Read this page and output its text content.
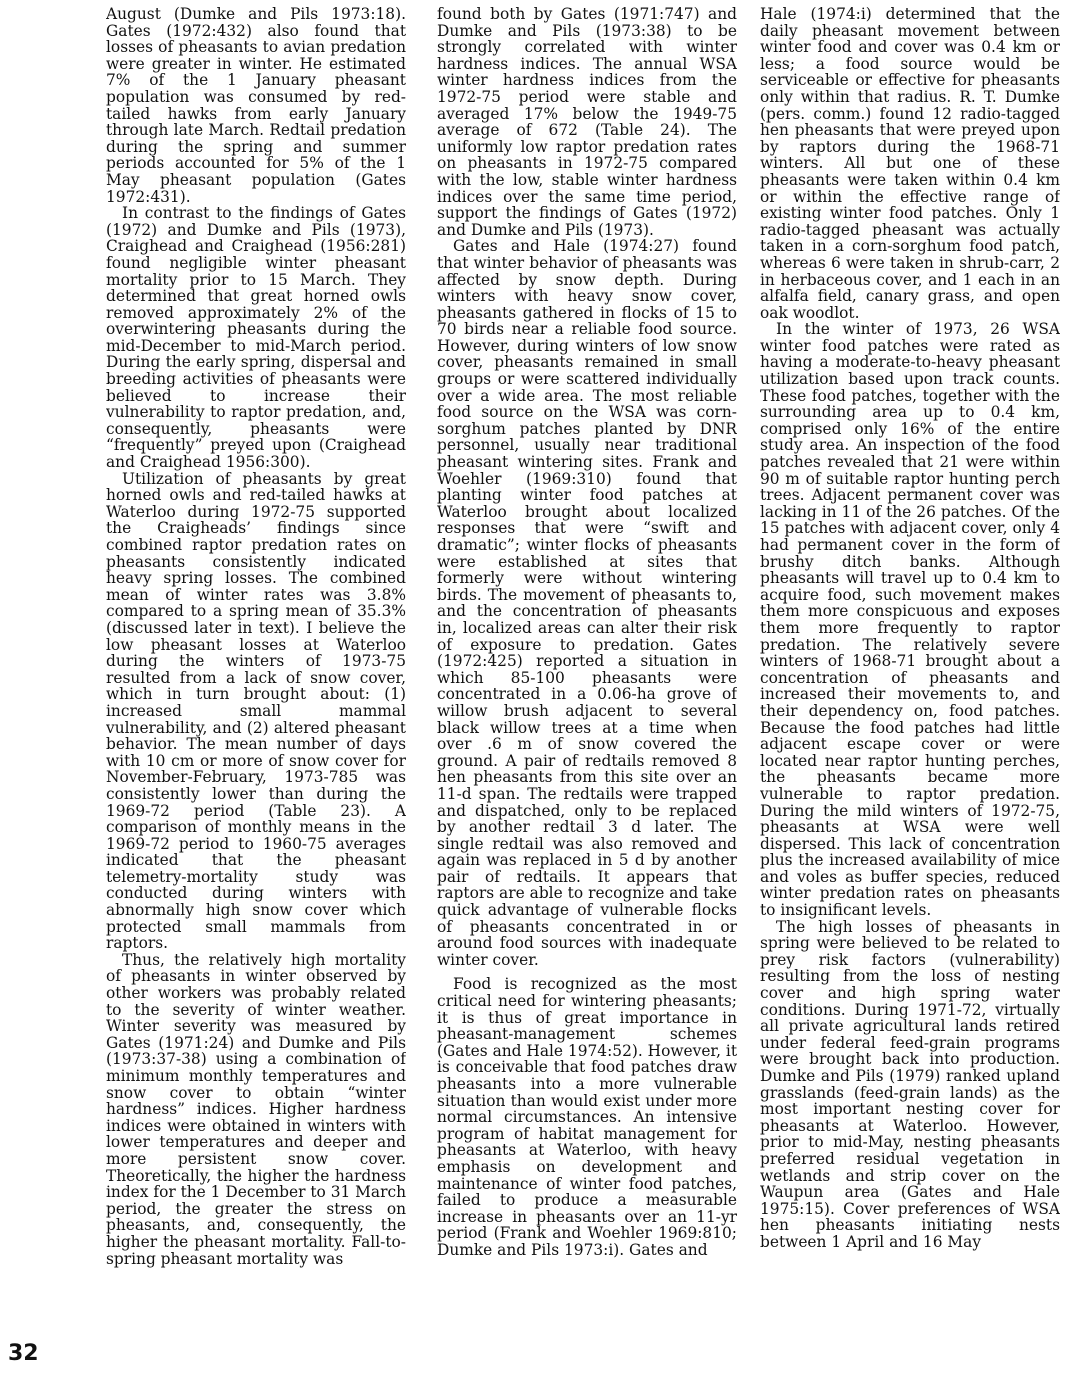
August (Dumke and Pils 1973:18). Gates (1972:432) also found that losses of pheasants to avian predation were greater in winter. He estimated 7% of the 1 January pheasant population was consumed by red-tailed hawks from early January through late March. Redtail predation during the spring and summer periods accounted for 5% of the 1 May pheasant population (Gates 1972:431).

In contrast to the findings of Gates (1972) and Dumke and Pils (1973), Craighead and Craighead (1956:281) found negligible winter pheasant mortality prior to 15 March. They determined that great horned owls removed approximately 2% of the overwintering pheasants during the mid-December to mid-March period. During the early spring, dispersal and breeding activities of pheasants were believed to increase their vulnerability to raptor predation, and, consequently, pheasants were “frequently” preyed upon (Craighead and Craighead 1956:300).

Utilization of pheasants by great horned owls and red-tailed hawks at Waterloo during 1972-75 supported the Craigheads’ findings since combined raptor predation rates on pheasants consistently indicated heavy spring losses. The combined mean of winter rates was 3.8% compared to a spring mean of 35.3% (discussed later in text). I believe the low pheasant losses at Waterloo during the winters of 1973-75 resulted from a lack of snow cover, which in turn brought about: (1) increased small mammal vulnerability, and (2) altered pheasant behavior. The mean number of days with 10 cm or more of snow cover for November-February, 1973-785 was consistently lower than during the 1969-72 period (Table 23). A comparison of monthly means in the 1969-72 period to 1960-75 averages indicated that the pheasant telemetry-mortality study was conducted during winters with abnormally high snow cover which protected small mammals from raptors.

Thus, the relatively high mortality of pheasants in winter observed by other workers was probably related to the severity of winter weather. Winter severity was measured by Gates (1971:24) and Dumke and Pils (1973:37-38) using a combination of minimum monthly temperatures and snow cover to obtain “winter hardness” indices. Higher hardness indices were obtained in winters with lower temperatures and deeper and more persistent snow cover. Theoretically, the higher the hardness index for the 1 December to 31 March period, the greater the stress on pheasants, and, consequently, the higher the pheasant mortality. Fall-to-spring pheasant mortality was

found both by Gates (1971:747) and Dumke and Pils (1973:38) to be strongly correlated with winter hardness indices. The annual WSA winter hardness indices from the 1972-75 period were stable and averaged 17% below the 1949-75 average of 672 (Table 24). The uniformly low raptor predation rates on pheasants in 1972-75 compared with the low, stable winter hardness indices over the same time period, support the findings of Gates (1972) and Dumke and Pils (1973).

Gates and Hale (1974:27) found that winter behavior of pheasants was affected by snow depth. During winters with heavy snow cover, pheasants gathered in flocks of 15 to 70 birds near a reliable food source. However, during winters of low snow cover, pheasants remained in small groups or were scattered individually over a wide area. The most reliable food source on the WSA was corn-sorghum patches planted by DNR personnel, usually near traditional pheasant wintering sites. Frank and Woehler (1969:310) found that planting winter food patches at Waterloo brought about localized responses that were “swift and dramatic”; winter flocks of pheasants were established at sites that formerly were without wintering birds. The movement of pheasants to, and the concentration of pheasants in, localized areas can alter their risk of exposure to predation. Gates (1972:425) reported a situation in which 85-100 pheasants were concentrated in a 0.06-ha grove of willow brush adjacent to several black willow trees at a time when over .6 m of snow covered the ground. A pair of redtails removed 8 hen pheasants from this site over an 11-d span. The redtails were trapped and dispatched, only to be replaced by another redtail 3 d later. The single redtail was also removed and again was replaced in 5 d by another pair of redtails. It appears that raptors are able to recognize and take quick advantage of vulnerable flocks of pheasants concentrated in or around food sources with inadequate winter cover.

Food is recognized as the most critical need for wintering pheasants; it is thus of great importance in pheasant-management schemes (Gates and Hale 1974:52). However, it is conceivable that food patches draw pheasants into a more vulnerable situation than would exist under more normal circumstances. An intensive program of habitat management for pheasants at Waterloo, with heavy emphasis on development and maintenance of winter food patches, failed to produce a measurable increase in pheasants over an 11-yr period (Frank and Woehler 1969:810; Dumke and Pils 1973:i). Gates and

Hale (1974:i) determined that the daily pheasant movement between winter food and cover was 0.4 km or less; a food source would be serviceable or effective for pheasants only within that radius. R. T. Dumke (pers. comm.) found 12 radio-tagged hen pheasants that were preyed upon by raptors during the 1968-71 winters. All but one of these pheasants were taken within 0.4 km or within the effective range of existing winter food patches. Only 1 radio-tagged pheasant was actually taken in a corn-sorghum food patch, whereas 6 were taken in shrub-carr, 2 in herbaceous cover, and 1 each in an alfalfa field, canary grass, and open oak woodlot.

In the winter of 1973, 26 WSA winter food patches were rated as having a moderate-to-heavy pheasant utilization based upon track counts. These food patches, together with the surrounding area up to 0.4 km, comprised only 16% of the entire study area. An inspection of the food patches revealed that 21 were within 90 m of suitable raptor hunting perch trees. Adjacent permanent cover was lacking in 11 of the 26 patches. Of the 15 patches with adjacent cover, only 4 had permanent cover in the form of brushy ditch banks. Although pheasants will travel up to 0.4 km to acquire food, such movement makes them more conspicuous and exposes them more frequently to raptor predation. The relatively severe winters of 1968-71 brought about a concentration of pheasants and increased their movements to, and their dependency on, food patches. Because the food patches had little adjacent escape cover or were located near raptor hunting perches, the pheasants became more vulnerable to raptor predation. During the mild winters of 1972-75, pheasants at WSA were well dispersed. This lack of concentration plus the increased availability of mice and voles as buffer species, reduced winter predation rates on pheasants to insignificant levels.

The high losses of pheasants in spring were believed to be related to prey risk factors (vulnerability) resulting from the loss of nesting cover and high spring water conditions. During 1971-72, virtually all private agricultural lands retired under federal feed-grain programs were brought back into production. Dumke and Pils (1979) ranked upland grasslands (feed-grain lands) as the most important nesting cover for pheasants at Waterloo. However, prior to mid-May, nesting pheasants preferred residual vegetation in wetlands and strip cover on the Waupun area (Gates and Hale 1975:15). Cover preferences of WSA hen pheasants initiating nests between 1 April and 16 May

32
